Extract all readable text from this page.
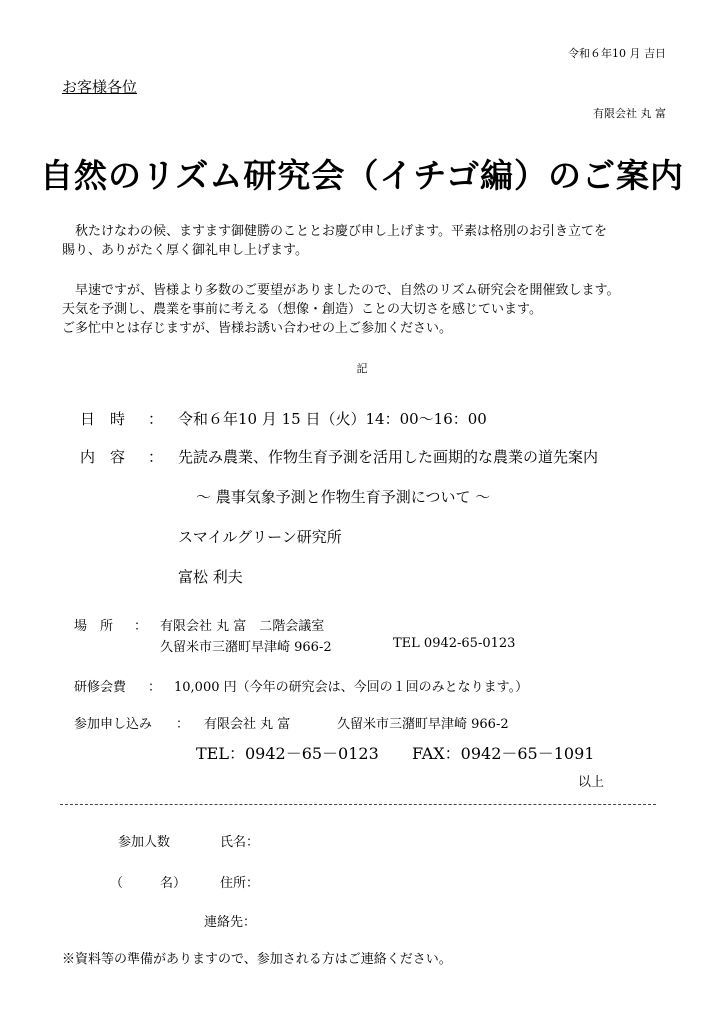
令和６年10 月 吉日
お客様各位
有限会社 丸 富
自然のリズム研究会（イチゴ編）のご案内

秋たけなわの候、ますます御健勝のこととお慶び申し上げます。平素は格別のお引き立てを

賜り、ありがたく厚く御礼申し上げます。

早速ですが、皆様より多数のご要望がありましたので、自然のリズム研究会を開催致します。

天気を予測し、農業を事前に考える（想像・創造）ことの大切さを感じています。

ご多忙中とは存じますが、皆様お誘い合わせの上ご参加ください。

記
日　時 ： 令和６年10 月 15 日（火）14：00～16：00
内　容 ： 先読み農業、作物生育予測を活用した画期的な農業の道先案内
～ 農事気象予測と作物生育予測について ～
スマイルグリーン研究所
富松 利夫
場　所 ： 有限会社 丸 富　二階会議室
久留米市三潴町早津崎 966-2	TEL 0942-65-0123
研修会費 ： 10,000 円（今年の研究会は、今回の１回のみとなります。）
参加申し込み ： 有限会社 丸 富	久留米市三潴町早津崎 966-2
TEL：0942－65－0123 FAX：0942－65－1091
以上
参加人数	氏名：
（	名）	住所：
連絡先：
※資料等の準備がありますので、参加される方はご連絡ください。
